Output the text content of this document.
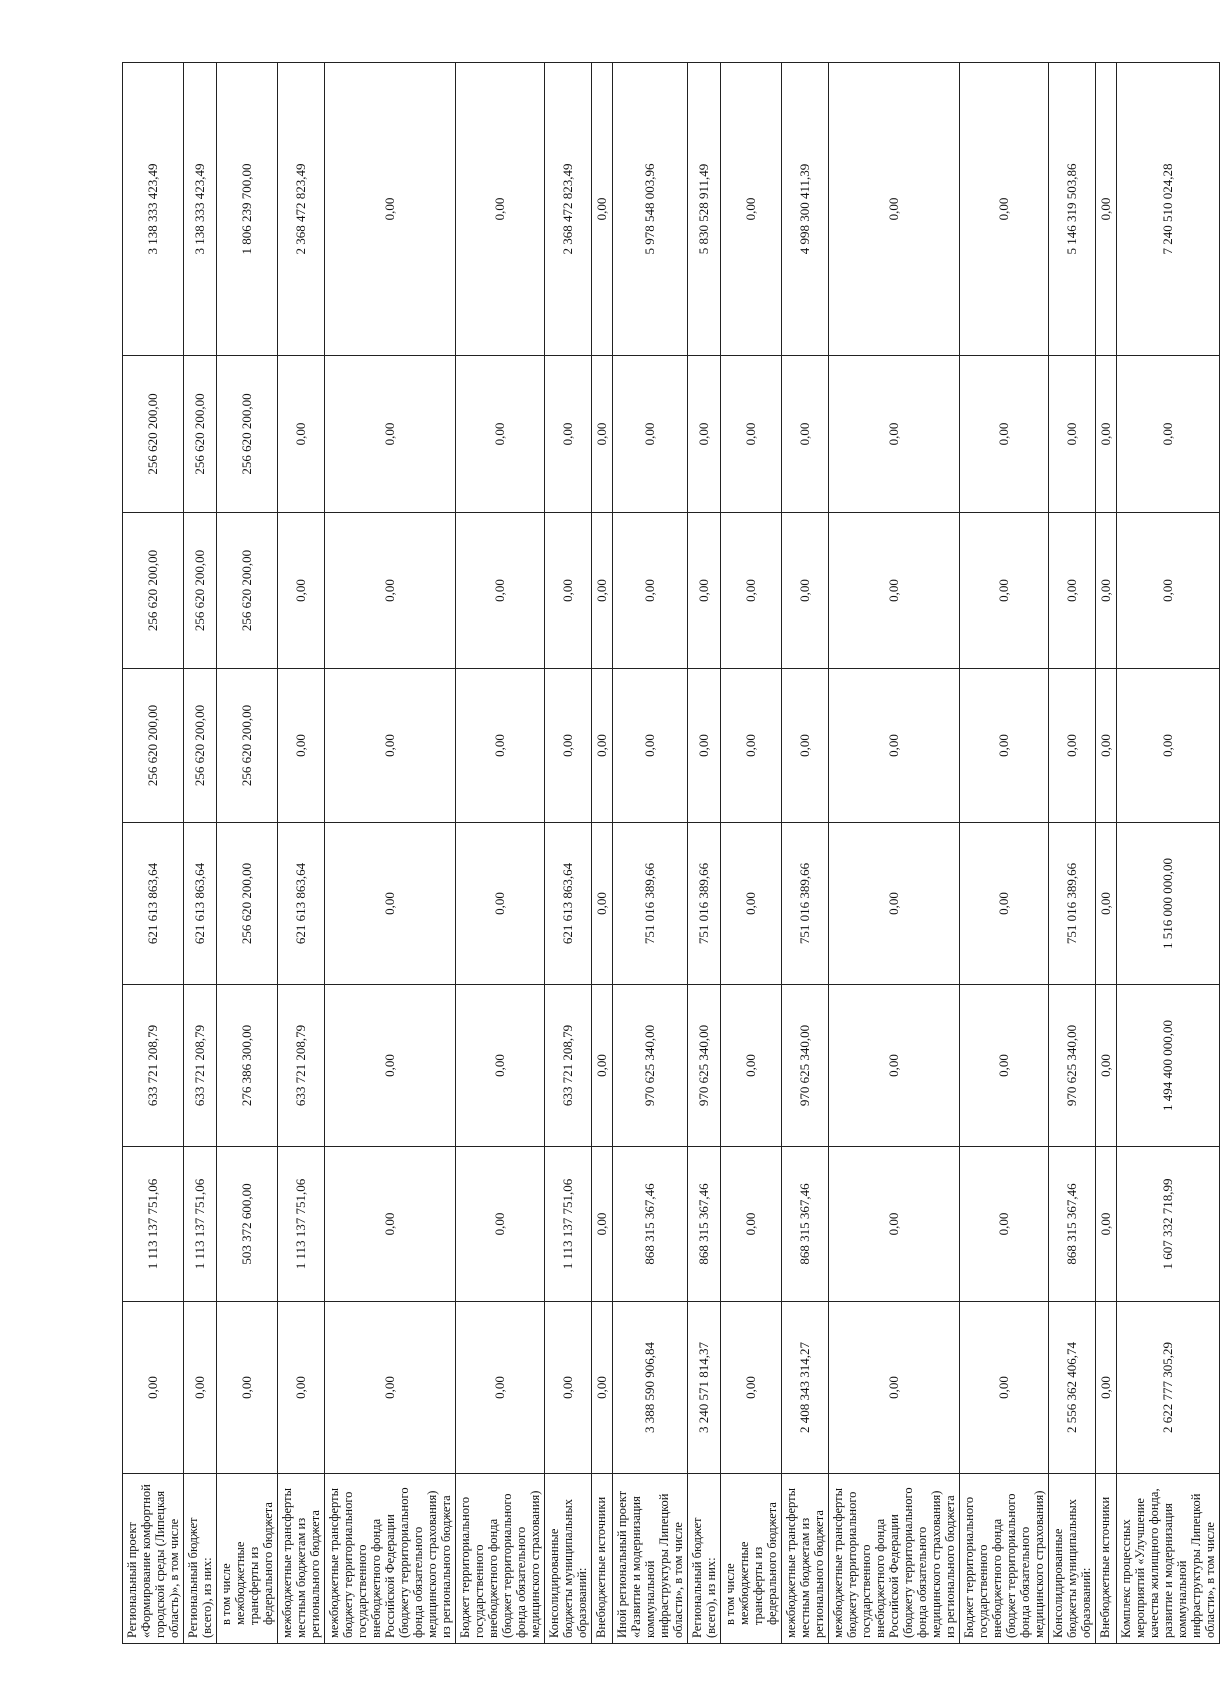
Региональный проект «Формирование комфортной городской среды (Липецкая область)», в том числе	0,00	1 113 137 751,06	633 721 208,79	621 613 863,64	256 620 200,00	256 620 200,00	256 620 200,00	3 138 333 423,49
Региональный бюджет (всего), из них:	0,00	1 113 137 751,06	633 721 208,79	621 613 863,64	256 620 200,00	256 620 200,00	256 620 200,00	3 138 333 423,49
в том числе межбюджетные трансферты из федерального бюджета	0,00	503 372 600,00	276 386 300,00	256 620 200,00	256 620 200,00	256 620 200,00	256 620 200,00	1 806 239 700,00
межбюджетные трансферты местным бюджетам из регионального бюджета	0,00	1 113 137 751,06	633 721 208,79	621 613 863,64	0,00	0,00	0,00	2 368 472 823,49
межбюджетные трансферты бюджету территориального государственного внебюджетного фонда Российской Федерации (бюджету территориального фонда обязательного медицинского страхования) из регионального бюджета	0,00	0,00	0,00	0,00	0,00	0,00	0,00	0,00
Бюджет территориального государственного внебюджетного фонда (бюджет территориального фонда обязательного медицинского страхования)	0,00	0,00	0,00	0,00	0,00	0,00	0,00	0,00
Консолидированные бюджеты муниципальных образований:	0,00	1 113 137 751,06	633 721 208,79	621 613 863,64	0,00	0,00	0,00	2 368 472 823,49
Внебюджетные источники	0,00	0,00	0,00	0,00	0,00	0,00	0,00	0,00
Иной региональный проект «Развитие и модернизация коммунальной инфраструктуры Липецкой области», в том числе	3 388 590 906,84	868 315 367,46	970 625 340,00	751 016 389,66	0,00	0,00	0,00	5 978 548 003,96
Региональный бюджет (всего), из них:	3 240 571 814,37	868 315 367,46	970 625 340,00	751 016 389,66	0,00	0,00	0,00	5 830 528 911,49
в том числе межбюджетные трансферты из федерального бюджета	0,00	0,00	0,00	0,00	0,00	0,00	0,00	0,00
межбюджетные трансферты местным бюджетам из регионального бюджета	2 408 343 314,27	868 315 367,46	970 625 340,00	751 016 389,66	0,00	0,00	0,00	4 998 300 411,39
межбюджетные трансферты бюджету территориального государственного внебюджетного фонда Российской Федерации (бюджету территориального фонда обязательного медицинского страхования) из регионального бюджета	0,00	0,00	0,00	0,00	0,00	0,00	0,00	0,00
Бюджет территориального государственного внебюджетного фонда (бюджет территориального фонда обязательного медицинского страхования)	0,00	0,00	0,00	0,00	0,00	0,00	0,00	0,00
Консолидированные бюджеты муниципальных образований:	2 556 362 406,74	868 315 367,46	970 625 340,00	751 016 389,66	0,00	0,00	0,00	5 146 319 503,86
Внебюджетные источники	0,00	0,00	0,00	0,00	0,00	0,00	0,00	0,00
Комплекс процессных мероприятий «Улучшение качества жилищного фонда, развитие и модернизация коммунальной инфраструктуры Липецкой области», в том числе	2 622 777 305,29	1 607 332 718,99	1 494 400 000,00	1 516 000 000,00	0,00	0,00	0,00	7 240 510 024,28
